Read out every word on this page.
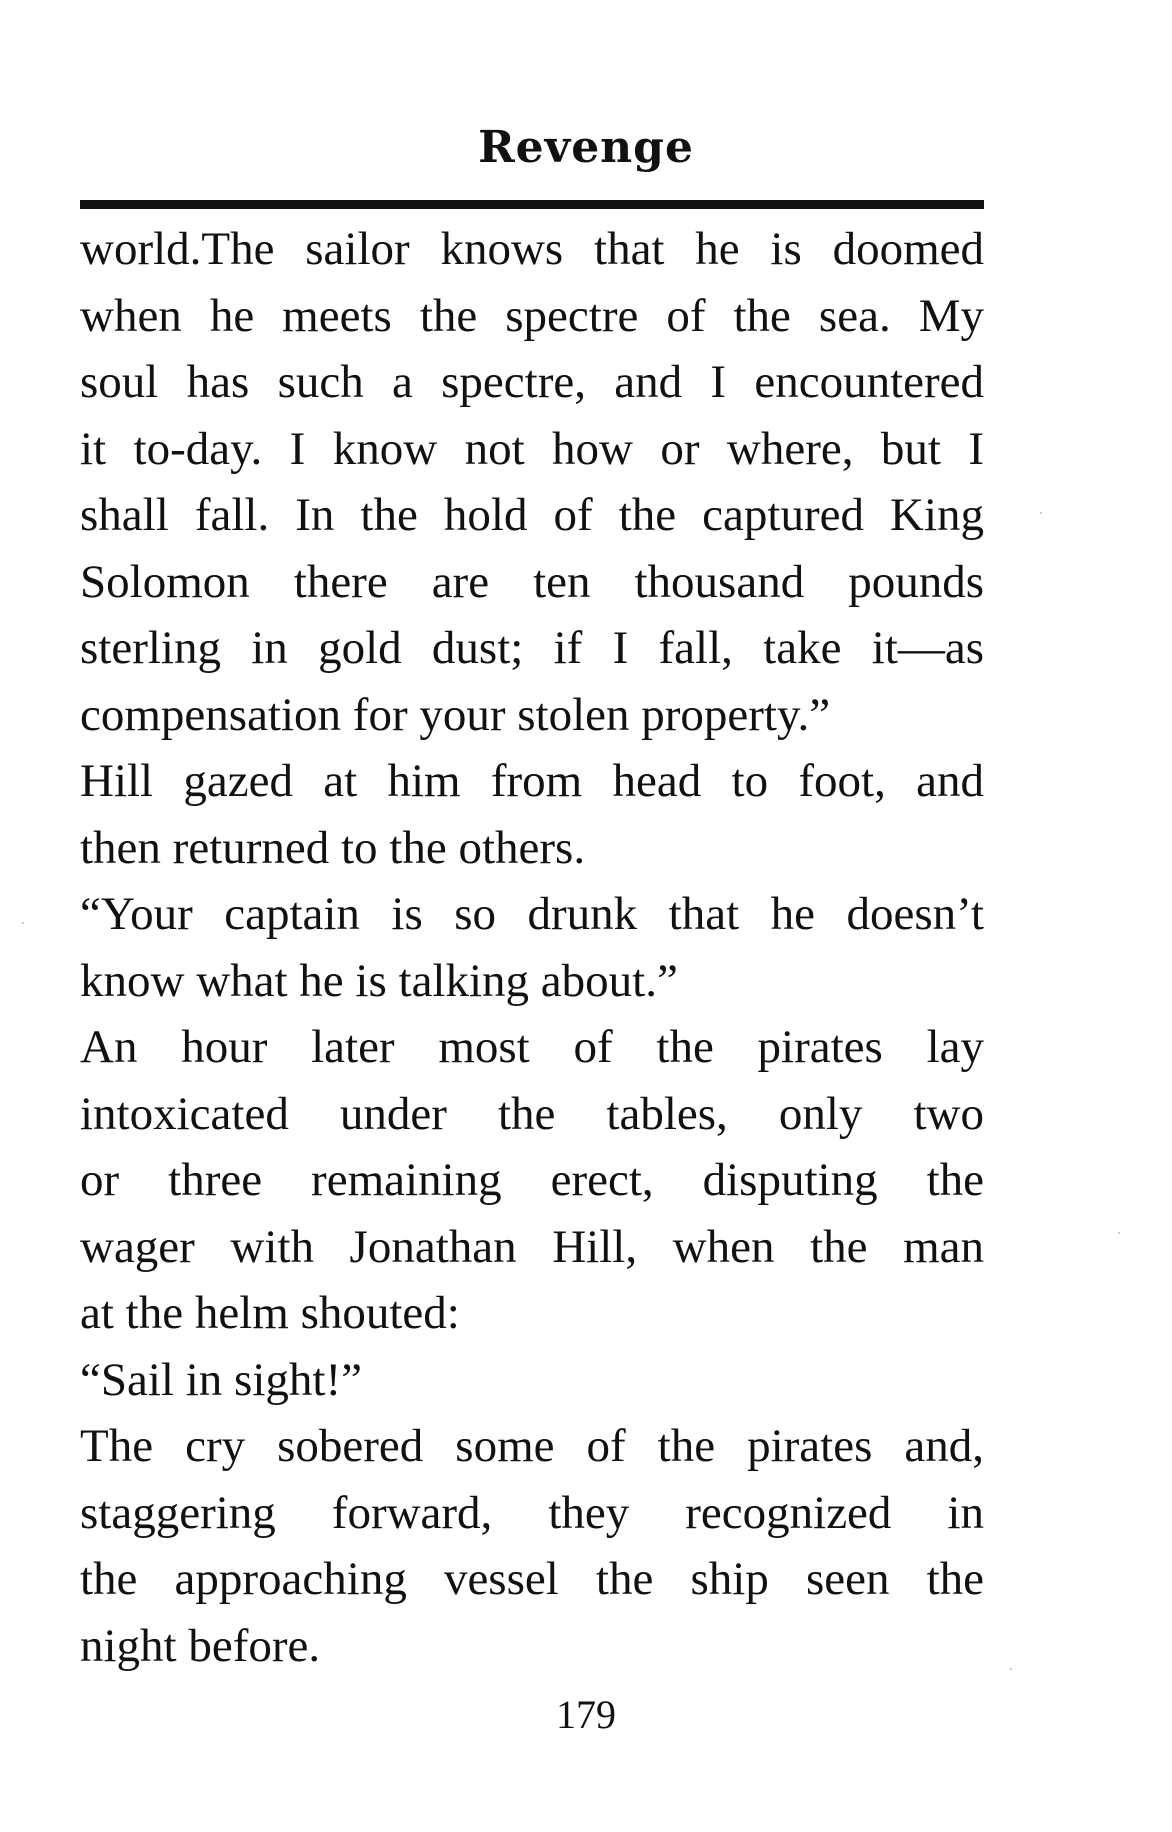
Revenge
world.The sailor knows that he is doomed
when he meets the spectre of the sea. My
soul has such a spectre, and I encountered
it to-day. I know not how or where, but I
shall fall. In the hold of the captured King
Solomon there are ten thousand pounds
sterling in gold dust; if I fall, take it—as
compensation for your stolen property.”
Hill gazed at him from head to foot, and
then returned to the others.
“Your captain is so drunk that he doesn’t
know what he is talking about.”
An hour later most of the pirates lay
intoxicated under the tables, only two
or three remaining erect, disputing the
wager with Jonathan Hill, when the man
at the helm shouted:
“Sail in sight!”
The cry sobered some of the pirates and,
staggering forward, they recognized in
the approaching vessel the ship seen the
night before.
179
